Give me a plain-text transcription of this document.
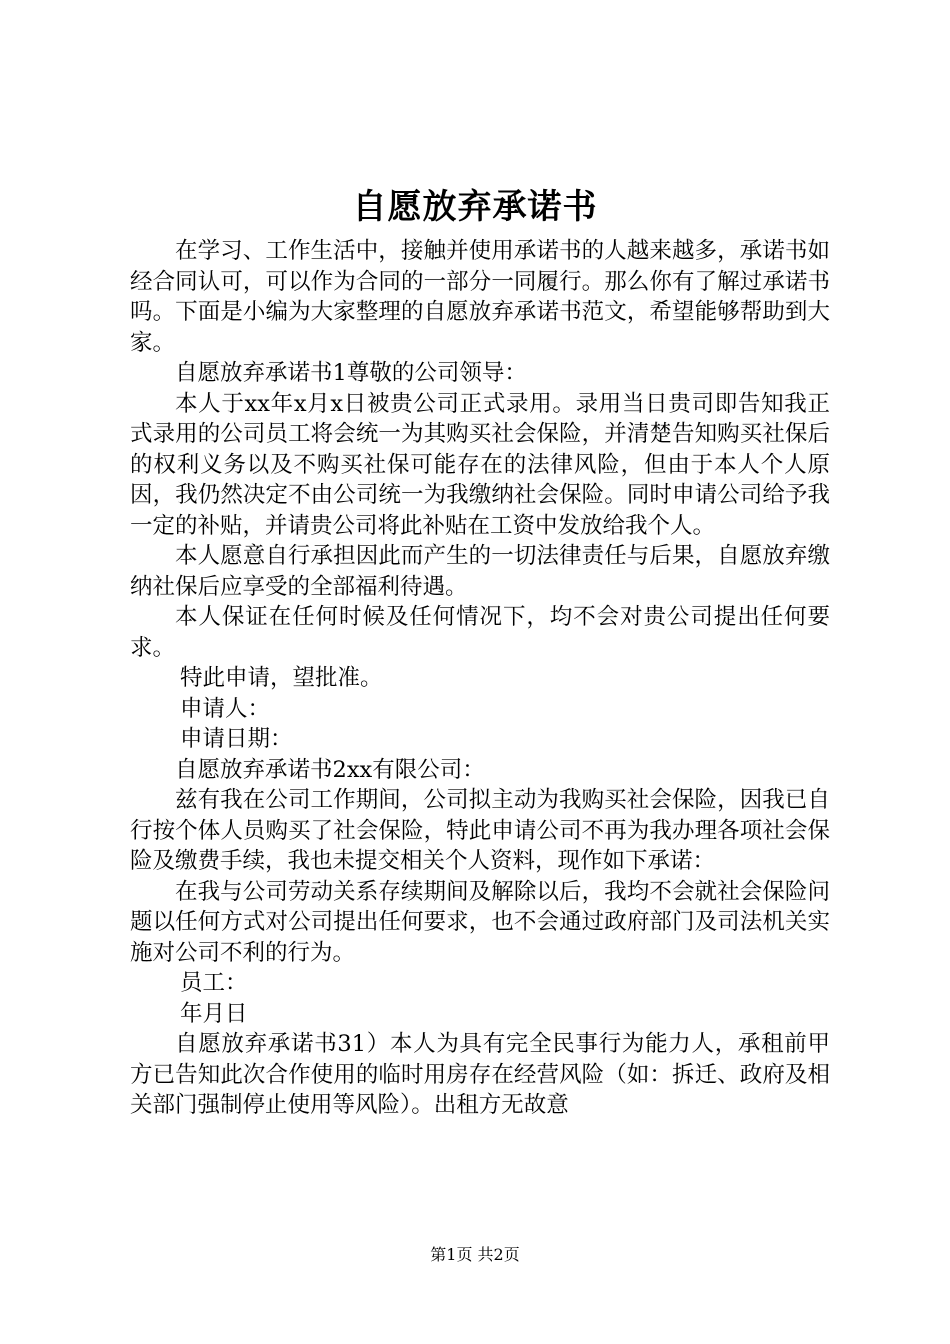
自愿放弃承诺书

在学习、工作生活中，接触并使用承诺书的人越来越多，承诺书如经合同认可，可以作为合同的一部分一同履行。那么你有了解过承诺书吗。下面是小编为大家整理的自愿放弃承诺书范文，希望能够帮助到大家。

自愿放弃承诺书1尊敬的公司领导：

本人于xx年x月x日被贵公司正式录用。录用当日贵司即告知我正式录用的公司员工将会统一为其购买社会保险，并清楚告知购买社保后的权利义务以及不购买社保可能存在的法律风险，但由于本人个人原因，我仍然决定不由公司统一为我缴纳社会保险。同时申请公司给予我一定的补贴，并请贵公司将此补贴在工资中发放给我个人。

本人愿意自行承担因此而产生的一切法律责任与后果，自愿放弃缴纳社保后应享受的全部福利待遇。

本人保证在任何时候及任何情况下，均不会对贵公司提出任何要求。

特此申请，望批准。

申请人：

申请日期：

自愿放弃承诺书2xx有限公司：

兹有我在公司工作期间，公司拟主动为我购买社会保险，因我已自行按个体人员购买了社会保险，特此申请公司不再为我办理各项社会保险及缴费手续，我也未提交相关个人资料，现作如下承诺：

在我与公司劳动关系存续期间及解除以后，我均不会就社会保险问题以任何方式对公司提出任何要求，也不会通过政府部门及司法机关实施对公司不利的行为。

员工：

年月日

自愿放弃承诺书31）本人为具有完全民事行为能力人，承租前甲方已告知此次合作使用的临时用房存在经营风险（如：拆迁、政府及相关部门强制停止使用等风险）。出租方无故意

第1页 共2页
